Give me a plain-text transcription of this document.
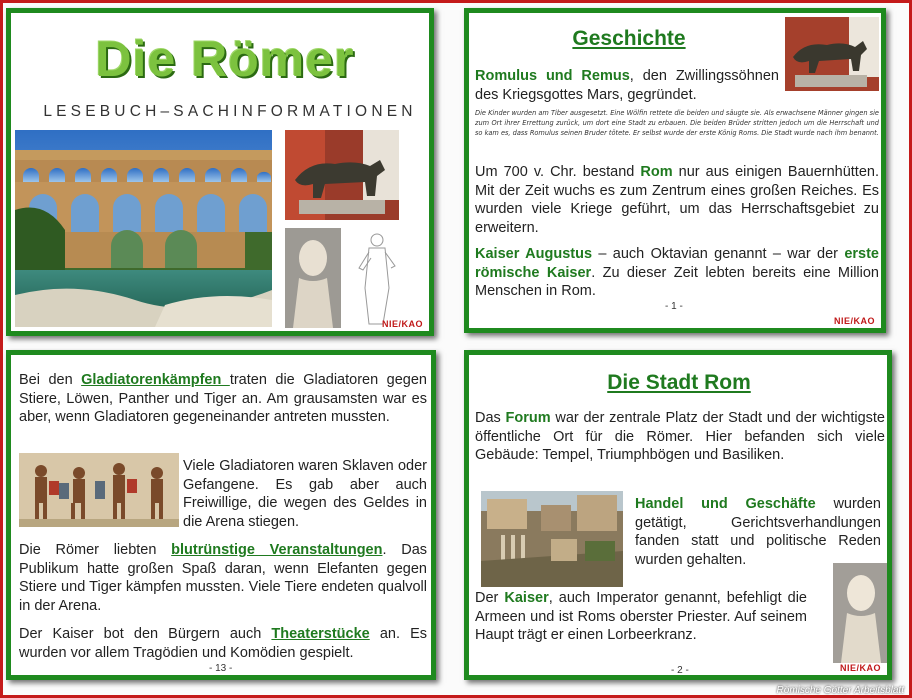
Die Römer
LESEBUCH–SACHINFORMATIONEN
NIE/KAO
Geschichte
Romulus und Remus, den Zwillingssöhnen des Kriegsgottes Mars, gegründet.
Die Kinder wurden am Tiber ausgesetzt. Eine Wölfin rettete die beiden und säugte sie. Als erwachsene Männer gingen sie zum Ort ihrer Errettung zurück, um dort eine Stadt zu erbauen. Die beiden Brüder stritten jedoch um die Herrschaft und so kam es, dass Romulus seinen Bruder tötete. Er selbst wurde der erste König Roms. Die Stadt wurde nach ihm benannt.
Um 700 v. Chr. bestand Rom nur aus einigen Bauernhütten. Mit der Zeit wuchs es zum Zentrum eines großen Reiches. Es wurden viele Kriege geführt, um das Herrschaftsgebiet zu erweitern.
Kaiser Augustus – auch Oktavian genannt – war der erste römische Kaiser. Zu dieser Zeit lebten bereits eine Million Menschen in Rom.
- 1 -
NIE/KAO
Bei den Gladiatorenkämpfen traten die Gladiatoren gegen Stiere, Löwen, Panther und Tiger an. Am grausamsten war es aber, wenn Gladiatoren gegeneinander antreten mussten.
Viele Gladiatoren waren Sklaven oder Gefangene. Es gab aber auch Freiwillige, die wegen des Geldes in die Arena stiegen.
Die Römer liebten blutrünstige Veranstaltungen. Das Publikum hatte großen Spaß daran, wenn Elefanten gegen Stiere und Tiger kämpfen mussten. Viele Tiere endeten qualvoll in der Arena.
Der Kaiser bot den Bürgern auch Theaterstücke an. Es wurden vor allem Tragödien und Komödien gespielt.
- 13 -
Die Stadt Rom
Das Forum war der zentrale Platz der Stadt und der wichtigste öffentliche Ort für die Römer. Hier befanden sich viele Gebäude: Tempel, Triumphbögen und Basiliken.
Handel und Geschäfte wurden getätigt, Gerichtsverhandlungen fanden statt und politische Reden wurden gehalten.
Der Kaiser, auch Imperator genannt, befehligt die Armeen und ist Roms oberster Priester. Auf seinem Haupt trägt er einen Lorbeerkranz.
- 2 -	NIE/KAO
Römische Götter Arbeitsblatt
